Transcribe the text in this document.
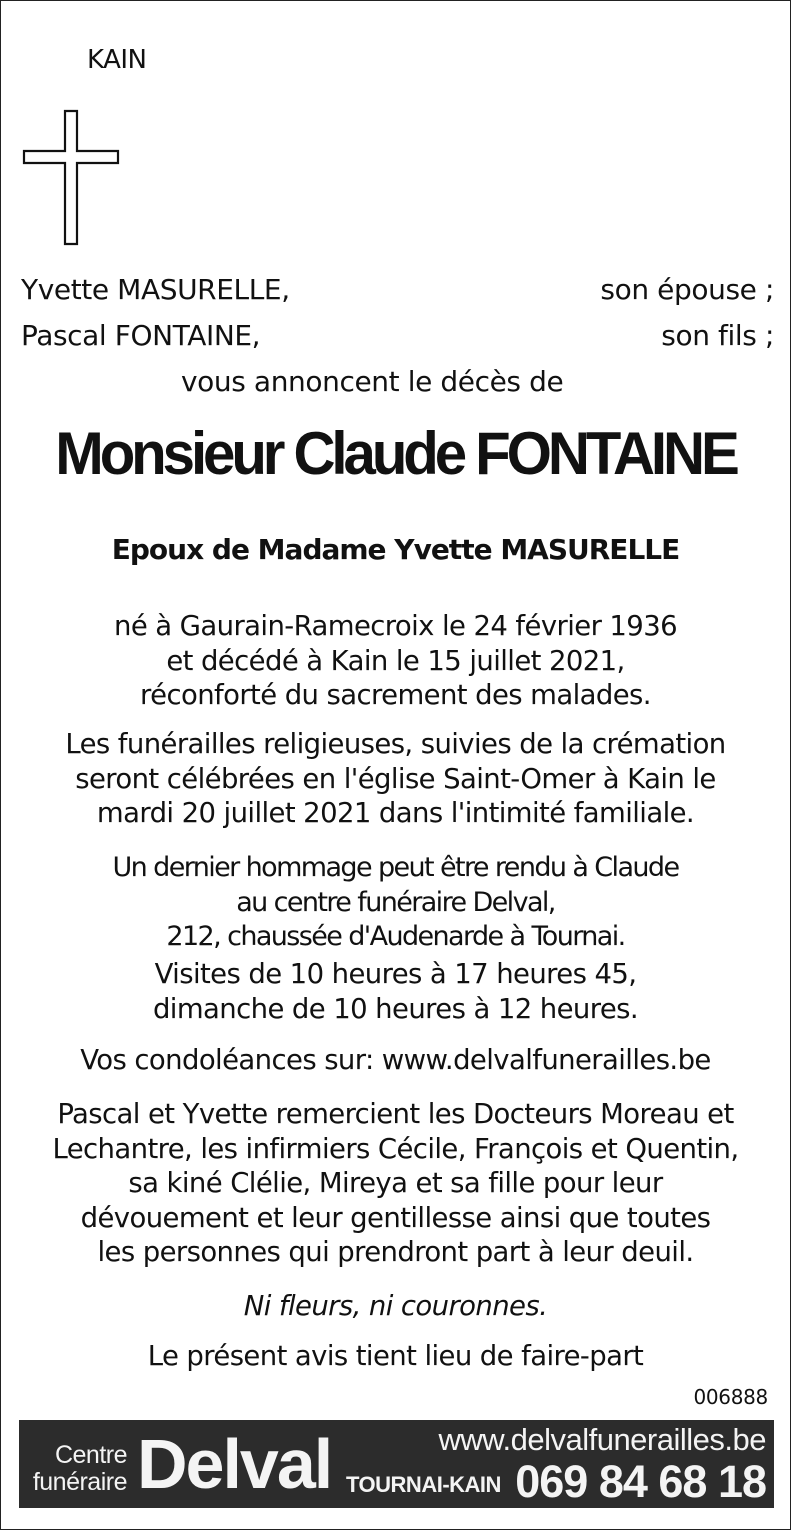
KAIN
Yvette MASURELLE,	son épouse ;
Pascal FONTAINE,	son fils ;
vous annoncent le décès de
Monsieur Claude FONTAINE
Epoux de Madame Yvette MASURELLE
né à Gaurain-Ramecroix le 24 février 1936
et décédé à Kain le 15 juillet 2021,
réconforté du sacrement des malades.
Les funérailles religieuses, suivies de la crémation
seront célébrées en l'église Saint-Omer à Kain le
mardi 20 juillet 2021 dans l'intimité familiale.
Un dernier hommage peut être rendu à Claude
au centre funéraire Delval,
212, chaussée d'Audenarde à Tournai.
Visites de 10 heures à 17 heures 45,
dimanche de 10 heures à 12 heures.
Vos condoléances sur: www.delvalfunerailles.be
Pascal et Yvette remercient les Docteurs Moreau et
Lechantre, les infirmiers Cécile, François et Quentin,
sa kiné Clélie, Mireya et sa fille pour leur
dévouement et leur gentillesse ainsi que toutes
les personnes qui prendront part à leur deuil.
Ni fleurs, ni couronnes.
Le présent avis tient lieu de faire-part
006888
Centre
funéraire Delval	www.delvalfunerailles.be
TOURNAI-KAIN 069 84 68 18
